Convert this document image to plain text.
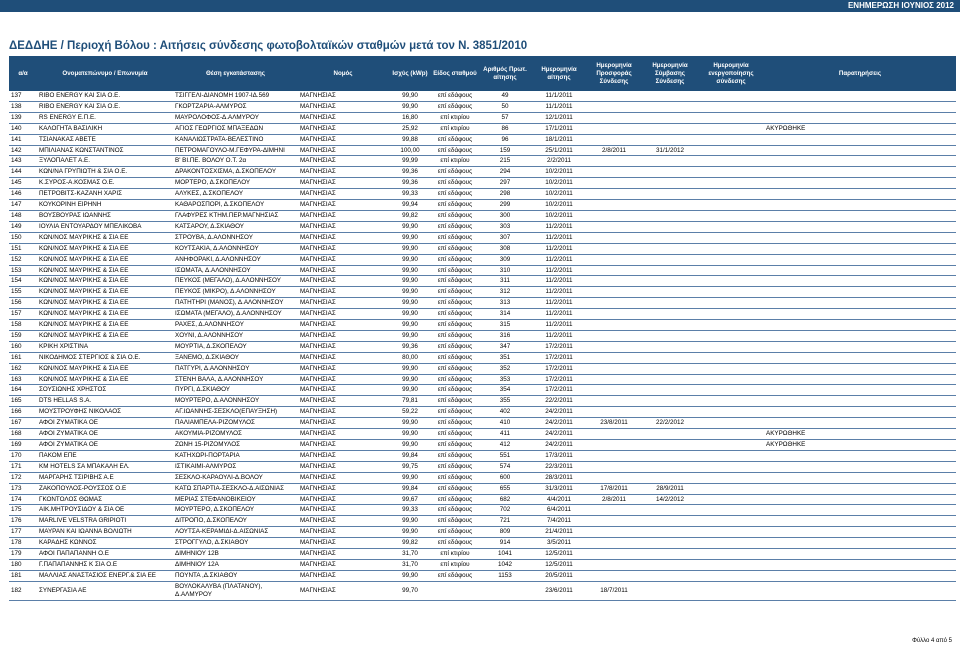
ΕΝΗΜΕΡΩΣΗ ΙΟΥΝΙΟΣ 2012
ΔΕΔΔΗΕ / Περιοχή Βόλου : Αιτήσεις σύνδεσης φωτοβολταϊκών σταθμών μετά τον Ν. 3851/2010
α/α	Ονοματεπώνυμο / Επωνυμία	Θέση εγκατάστασης	Νομός	Ισχύς (kWp)	Είδος σταθμού	Αριθμός Πρωτ. αίτησης	Ημερομηνία αίτησης	Ημερομηνία Προσφοράς Σύνδεσης	Ημερομηνία Σύμβασης Σύνδεσης	Ημερομηνία ενεργοποίησης σύνδεσης	Παρατηρήσεις
137	RIBO ENERGY ΚΑΙ ΣΙΑ Ο.Ε.	ΤΣΙΓΓΕΛΙ-ΔΙΑΝΟΜΗ 1907-ΙΔ.569	ΜΑΓΝΗΣΙΑΣ	99,90	επί εδάφους	49	11/1/2011				
138	RIBO ENERGY ΚΑΙ ΣΙΑ Ο.Ε.	ΓΚΟΡΤΖΑΡΙΑ-ΑΛΜΥΡΟΣ	ΜΑΓΝΗΣΙΑΣ	99,90	επί εδάφους	50	11/1/2011				
139	RS ENERGY Ε.Π.Ε.	ΜΑΥΡΟΛΟΦΟΣ-Δ.ΑΛΜΥΡΟΥ	ΜΑΓΝΗΣΙΑΣ	16,80	επί κτιρίου	57	12/1/2011				
140	ΚΑΛΟΓΗΤΑ ΒΑΣΙΛΙΚΗ	ΑΓΙΟΣ ΓΕΩΡΓΙΟΣ ΜΠΑΞΕΔΩΝ	ΜΑΓΝΗΣΙΑΣ	25,92	επί κτιρίου	86	17/1/2011				ΑΚΥΡΩΘΗΚΕ
141	ΤΣΙΑΝΑΚΑΣ ΑΒΕΤΕ	ΚΑΝΑΛΙΩΣΤΡΑΤΑ-ΒΕΛΕΣΤΙΝΟ	ΜΑΓΝΗΣΙΑΣ	99,88	επί εδάφους	96	18/1/2011				
142	ΜΠΙΛΙΑΝΑΣ ΚΩΝΣΤΑΝΤΙΝΟΣ	ΠΕΤΡΟΜΑΓΟΥΛΟ-Μ.ΓΕΦΥΡΑ-ΔΙΜΗΝΙ	ΜΑΓΝΗΣΙΑΣ	100,00	επί εδάφους	159	25/1/2011	2/8/2011	31/1/2012		
143	ΞΥΛΟΠΑΛΕΤ Α.Ε.	Β' ΒΙ.ΠΕ. ΒΟΛΟΥ Ο.Τ. 2α	ΜΑΓΝΗΣΙΑΣ	99,99	επί κτιρίου	215	2/2/2011				
144	ΚΩΝ/ΝΑ ΓΡΥΠΙΩΤΗ & ΣΙΑ Ο.Ε.	ΔΡΑΚΟΝΤΟΣΧΙΣΜΑ, Δ.ΣΚΟΠΕΛΟΥ	ΜΑΓΝΗΣΙΑΣ	99,36	επί εδάφους	294	10/2/2011				
145	Κ.ΣΥΡΟΣ-Α.ΚΟΣΜΑΣ Ο.Ε.	ΜΟΡΤΕΡΟ, Δ.ΣΚΟΠΕΛΟΥ	ΜΑΓΝΗΣΙΑΣ	99,36	επί εδάφους	297	10/2/2011				
146	ΠΕΤΡΟΒΙΤΣ-ΚΑΖΑΝΗ ΧΑΡΙΣ	ΑΛΥΚΕΣ, Δ.ΣΚΟΠΕΛΟΥ	ΜΑΓΝΗΣΙΑΣ	99,33	επί εδάφους	298	10/2/2011				
147	ΚΟΥΚΟΡΙΝΗ ΕΙΡΗΝΗ	ΚΑΘΑΡΟΣΠΟΡΙ, Δ.ΣΚΟΠΕΛΟΥ	ΜΑΓΝΗΣΙΑΣ	99,94	επί εδάφους	299	10/2/2011				
148	ΒΟΥΣΒΟΥΡΑΣ ΙΩΑΝΝΗΣ	ΓΛΑΦΥΡΕΣ ΚΤΗΜ.ΠΕΡ.ΜΑΓΝΗΣΙΑΣ	ΜΑΓΝΗΣΙΑΣ	99,82	επί εδάφους	300	10/2/2011				
149	ΙΟΥΛΙΑ ΕΝΤΟΥΑΡΔΟΥ ΜΠΕΛΙΚΟΒΑ	ΚΑΤΣΑΡΟΥ, Δ.ΣΚΙΑΘΟΥ	ΜΑΓΝΗΣΙΑΣ	99,90	επί εδάφους	303	11/2/2011				
150	ΚΩΝ/ΝΟΣ ΜΑΥΡΙΚΗΣ & ΣΙΑ ΕΕ	ΣΤΡΟΥΒΑ, Δ.ΑΛΟΝΝΗΣΟΥ	ΜΑΓΝΗΣΙΑΣ	99,90	επί εδάφους	307	11/2/2011				
151	ΚΩΝ/ΝΟΣ ΜΑΥΡΙΚΗΣ & ΣΙΑ ΕΕ	ΚΟΥΤΣΑΚΙΑ, Δ.ΑΛΟΝΝΗΣΟΥ	ΜΑΓΝΗΣΙΑΣ	99,90	επί εδάφους	308	11/2/2011				
152	ΚΩΝ/ΝΟΣ ΜΑΥΡΙΚΗΣ & ΣΙΑ ΕΕ	ΑΝΗΦΟΡΑΚΙ, Δ.ΑΛΟΝΝΗΣΟΥ	ΜΑΓΝΗΣΙΑΣ	99,90	επί εδάφους	309	11/2/2011				
153	ΚΩΝ/ΝΟΣ ΜΑΥΡΙΚΗΣ & ΣΙΑ ΕΕ	ΙΣΩΜΑΤΑ, Δ.ΑΛΟΝΝΗΣΟΥ	ΜΑΓΝΗΣΙΑΣ	99,90	επί εδάφους	310	11/2/2011				
154	ΚΩΝ/ΝΟΣ ΜΑΥΡΙΚΗΣ & ΣΙΑ ΕΕ	ΠΕΥΚΟΣ (ΜΕΓΑΛΟ), Δ.ΑΛΟΝΝΗΣΟΥ	ΜΑΓΝΗΣΙΑΣ	99,90	επί εδάφους	311	11/2/2011				
155	ΚΩΝ/ΝΟΣ ΜΑΥΡΙΚΗΣ & ΣΙΑ ΕΕ	ΠΕΥΚΟΣ (ΜΙΚΡΟ), Δ.ΑΛΟΝΝΗΣΟΥ	ΜΑΓΝΗΣΙΑΣ	99,90	επί εδάφους	312	11/2/2011				
156	ΚΩΝ/ΝΟΣ ΜΑΥΡΙΚΗΣ & ΣΙΑ ΕΕ	ΠΑΤΗΤΗΡΙ (ΜΑΝΟΣ), Δ.ΑΛΟΝΝΗΣΟΥ	ΜΑΓΝΗΣΙΑΣ	99,90	επί εδάφους	313	11/2/2011				
157	ΚΩΝ/ΝΟΣ ΜΑΥΡΙΚΗΣ & ΣΙΑ ΕΕ	ΙΣΩΜΑΤΑ (ΜΕΓΑΛΟ), Δ.ΑΛΟΝΝΗΣΟΥ	ΜΑΓΝΗΣΙΑΣ	99,90	επί εδάφους	314	11/2/2011				
158	ΚΩΝ/ΝΟΣ ΜΑΥΡΙΚΗΣ & ΣΙΑ ΕΕ	ΡΑΧΕΣ, Δ.ΑΛΟΝΝΗΣΟΥ	ΜΑΓΝΗΣΙΑΣ	99,90	επί εδάφους	315	11/2/2011				
159	ΚΩΝ/ΝΟΣ ΜΑΥΡΙΚΗΣ & ΣΙΑ ΕΕ	ΧΟΥΝΙ, Δ.ΑΛΟΝΝΗΣΟΥ	ΜΑΓΝΗΣΙΑΣ	99,90	επί εδάφους	316	11/2/2011				
160	ΚΡΙΚΗ ΧΡΙΣΤΙΝΑ	ΜΟΥΡΤΙΑ, Δ.ΣΚΟΠΕΛΟΥ	ΜΑΓΝΗΣΙΑΣ	99,36	επί εδάφους	347	17/2/2011				
161	ΝΙΚΟΔΗΜΟΣ ΣΤΕΡΓΙΟΣ & ΣΙΑ Ο.Ε.	ΞΑΝΕΜΟ, Δ.ΣΚΙΑΘΟΥ	ΜΑΓΝΗΣΙΑΣ	80,00	επί εδάφους	351	17/2/2011				
162	ΚΩΝ/ΝΟΣ ΜΑΥΡΙΚΗΣ & ΣΙΑ ΕΕ	ΠΑΤΓΥΡΙ, Δ.ΑΛΟΝΝΗΣΟΥ	ΜΑΓΝΗΣΙΑΣ	99,90	επί εδάφους	352	17/2/2011				
163	ΚΩΝ/ΝΟΣ ΜΑΥΡΙΚΗΣ & ΣΙΑ ΕΕ	ΣΤΕΝΗ ΒΑΛΑ, Δ.ΑΛΟΝΝΗΣΟΥ	ΜΑΓΝΗΣΙΑΣ	99,90	επί εδάφους	353	17/2/2011				
164	ΣΟΥΣΙΩΝΗΣ ΧΡΗΣΤΟΣ	ΠΥΡΓΙ, Δ.ΣΚΙΑΘΟΥ	ΜΑΓΝΗΣΙΑΣ	99,90	επί εδάφους	354	17/2/2011				
165	DTS HELLAS S.A.	ΜΟΥΡΤΕΡΟ, Δ.ΑΛΟΝΝΗΣΟΥ	ΜΑΓΝΗΣΙΑΣ	79,81	επί εδάφους	355	22/2/2011				
166	ΜΟΥΣΤΡΟΥΦΗΣ ΝΙΚΟΛΑΟΣ	ΑΓ.ΙΩΑΝΝΗΣ-ΣΕΣΚΛΟ(ΕΠΑΥΞΗΣΗ)	ΜΑΓΝΗΣΙΑΣ	59,22	επί εδάφους	402	24/2/2011				
167	ΑΦΟΙ ΖΥΜΑΤΙΚΑ ΟΕ	ΠΑΛΙΑΜΠΕΛΑ-ΡΙΖΟΜΥΛΟΣ	ΜΑΓΝΗΣΙΑΣ	99,90	επί εδάφους	410	24/2/2011	23/8/2011	22/2/2012		
168	ΑΦΟΙ ΖΥΜΑΤΙΚΑ ΟΕ	ΑΚΟΥΜΙΑ-ΡΙΖΟΜΥΛΟΣ	ΜΑΓΝΗΣΙΑΣ	99,90	επί εδάφους	411	24/2/2011				ΑΚΥΡΩΘΗΚΕ
169	ΑΦΟΙ ΖΥΜΑΤΙΚΑ ΟΕ	ΖΩΝΗ 15-ΡΙΖΟΜΥΛΟΣ	ΜΑΓΝΗΣΙΑΣ	99,90	επί εδάφους	412	24/2/2011				ΑΚΥΡΩΘΗΚΕ
170	ΠΑΚΟΜ ΕΠΕ	ΚΑΤΗΧΩΡΙ-ΠΟΡΤΑΡΙΑ	ΜΑΓΝΗΣΙΑΣ	99,84	επί εδάφους	551	17/3/2011				
171	KM HOTELS ΣΑ ΜΠΑΚΑΛΗ ΕΛ.	ΙΣΤΙΚΑΙΜΙ-ΑΛΜΥΡΟΣ	ΜΑΓΝΗΣΙΑΣ	99,75	επί εδάφους	574	22/3/2011				
172	ΜΑΡΓΑΡΗΣ ΤΣΙΡΙΒΗΣ Α.Ε	ΣΕΣΚΛΟ-ΚΑΡΑΟΥΛΙ-Δ.ΒΟΛΟΥ	ΜΑΓΝΗΣΙΑΣ	99,90	επί εδάφους	600	28/3/2011				
173	ΖΑΚΟΠΟΥΛΟΣ-ΡΟΥΣΣΟΣ Ο.Ε	ΚΑΤΩ ΣΠΑΡΤΙΑ-ΣΕΣΚΛΟ-Δ.ΑΙΣΩΝΙΑΣ	ΜΑΓΝΗΣΙΑΣ	99,84	επί εδάφους	655	31/3/2011	17/8/2011	28/9/2011		
174	ΓΚΟΝΤΟΛΟΣ ΘΩΜΑΣ	ΜΕΡΙΑΣ ΣΤΕΦΑΝΟΒΙΚΕΙΟΥ	ΜΑΓΝΗΣΙΑΣ	99,67	επί εδάφους	682	4/4/2011	2/8/2011	14/2/2012		
175	ΑΙΚ.ΜΗΤΡΟΥΣΙΔΟΥ & ΣΙΑ ΟΕ	ΜΟΥΡΤΕΡΟ, Δ.ΣΚΟΠΕΛΟΥ	ΜΑΓΝΗΣΙΑΣ	99,33	επί εδάφους	702	6/4/2011				
176	MARLIVE VELSTRA GRIPIOTI	ΔΙΤΡΟΠΟ, Δ.ΣΚΟΠΕΛΟΥ	ΜΑΓΝΗΣΙΑΣ	99,90	επί εδάφους	721	7/4/2011				
177	ΜΑΥΡΑΝ ΚΑΙ ΙΩΑΝΝΑ ΒΟΛΙΩΤΗ	ΛΟΥΤΣΑ-ΚΕΡΑΜΙΔΙ-Δ.ΑΙΣΩΝΙΑΣ	ΜΑΓΝΗΣΙΑΣ	99,90	επί εδάφους	809	21/4/2011				
178	ΚΑΡΑΔΗΣ ΚΩΝΝΟΣ	ΣΤΡΟΓΓΥΛΟ, Δ.ΣΚΙΑΘΟΥ	ΜΑΓΝΗΣΙΑΣ	99,82	επί εδάφους	914	3/5/2011				
179	ΑΦΟΙ ΠΑΠΑΠΑΝΝΗ Ο.Ε	ΔΙΜΗΝΙΟΥ 12Β	ΜΑΓΝΗΣΙΑΣ	31,70	επί κτιρίου	1041	12/5/2011				
180	Γ.ΠΑΠΑΠΑΝΝΗΣ Κ ΣΙΑ Ο.Ε	ΔΙΜΗΝΙΟΥ 12Α	ΜΑΓΝΗΣΙΑΣ	31,70	επί κτιρίου	1042	12/5/2011				
181	ΜΑΛΛΙΑΣ ΑΝΑΣΤΑΣΙΟΣ ΕΝΕΡΓ.& ΣΙΑ ΕΕ	ΠΟΥΝΤΑ ,Δ.ΣΚΙΑΘΟΥ	ΜΑΓΝΗΣΙΑΣ	99,90	επί εδάφους	1153	20/5/2011				
182	ΣΥΝΕΡΓΑΣΙΑ ΑΕ	ΒΟΥΛΟΚΑΛΥΒΑ (ΠΛΑΤΑΝΟΥ), Δ.ΑΛΜΥΡΟΥ	ΜΑΓΝΗΣΙΑΣ	99,70			23/6/2011	18/7/2011			
Φύλλο 4 από 5
